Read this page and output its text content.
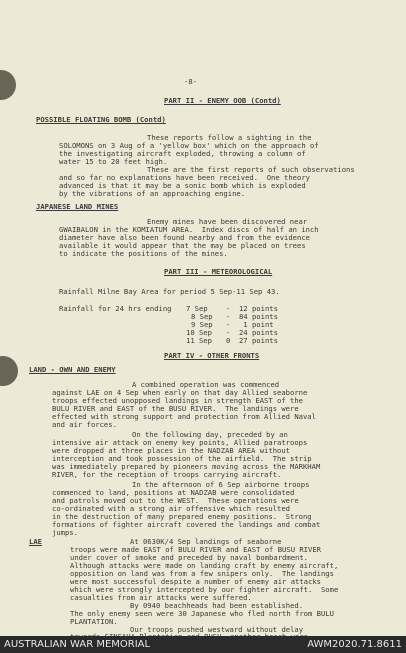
-8-
PART II - ENEMY OOB (Contd)
POSSIBLE FLOATING BOMB (Contd)
These reports follow a sighting in the
SOLOMONS on 3 Aug of a 'yellow box' which on the approach of
the investigating aircraft exploded, throwing a column of
water 15 to 20 feet high.
These are the first reports of such observations
and so far no explanations have been received.  One theory
advanced is that it may be a sonic bomb which is exploded
by the vibrations of an approaching engine.
JAPANESE LAND MINES
Enemy mines have been discovered near
GWAIBALON in the KOMIATUM AREA.  Index discs of half an inch
diameter have also been found nearby and from the evidence
available it would appear that the may be placed on trees
to indicate the positions of the mines.
PART III - METEOROLOGICAL
Rainfall Milne Bay Area for period 5 Sep-11 Sep 43.
Rainfall for 24 hrs ending 7 Sep	-  12 points
8 Sep -  84 points
9 Sep -   1 point
10 Sep -  24 points
11 Sep 0  27 points
PART IV - OTHER FRONTS
LAND - OWN AND ENEMY
A combined operation was commenced
against LAE on 4 Sep when early on that day Allied seaborne
troops effected unopposed landings in strength EAST of the
BULU RIVER and EAST of the BUSU RIVER.  The landings were
effected with strong support and protection from Allied Naval
and air forces.
On the following day, preceded by an
intensive air attack on enemy key points, Allied paratroops
were dropped at three places in the NADZAB AREA without
interception and took possession of the airfield.  The strip
was immediately prepared by pioneers moving across the MARKHAM
RIVER, for the reception of troops carrying aircraft.
In the afternoon of 6 Sep airborne troops
commenced to land, positions at NADZAB were consolidated
and patrols moved out to the WEST.  These operations were
co-ordinated with a strong air offensive which resulted
in the destruction of many prepared enemy positions.  Strong
formations of fighter aircraft covered the landings and combat
jumps.
LAE	At 0630K/4 Sep landings of seaborne
troops were made EAST of BULU RIVER and EAST of BUSU RIVER
under cover of smoke and preceded by naval bombardment.
Although attacks were made on landing craft by enemy aircraft,
opposition on land was from a few snipers only.  The landings
were most successful despite a number of enemy air attacks
which were strongly intercepted by our fighter aircraft.  Some
casualties from air attacks were suffered.
By 0940 beachheads had been established.
The only enemy seen were 30 Japanese who fled north from BULU
PLANTATION.
Our troops pushed westward without delay
AUSTRALIAN WAR MEMORIAL	AWM2020.71.8611
